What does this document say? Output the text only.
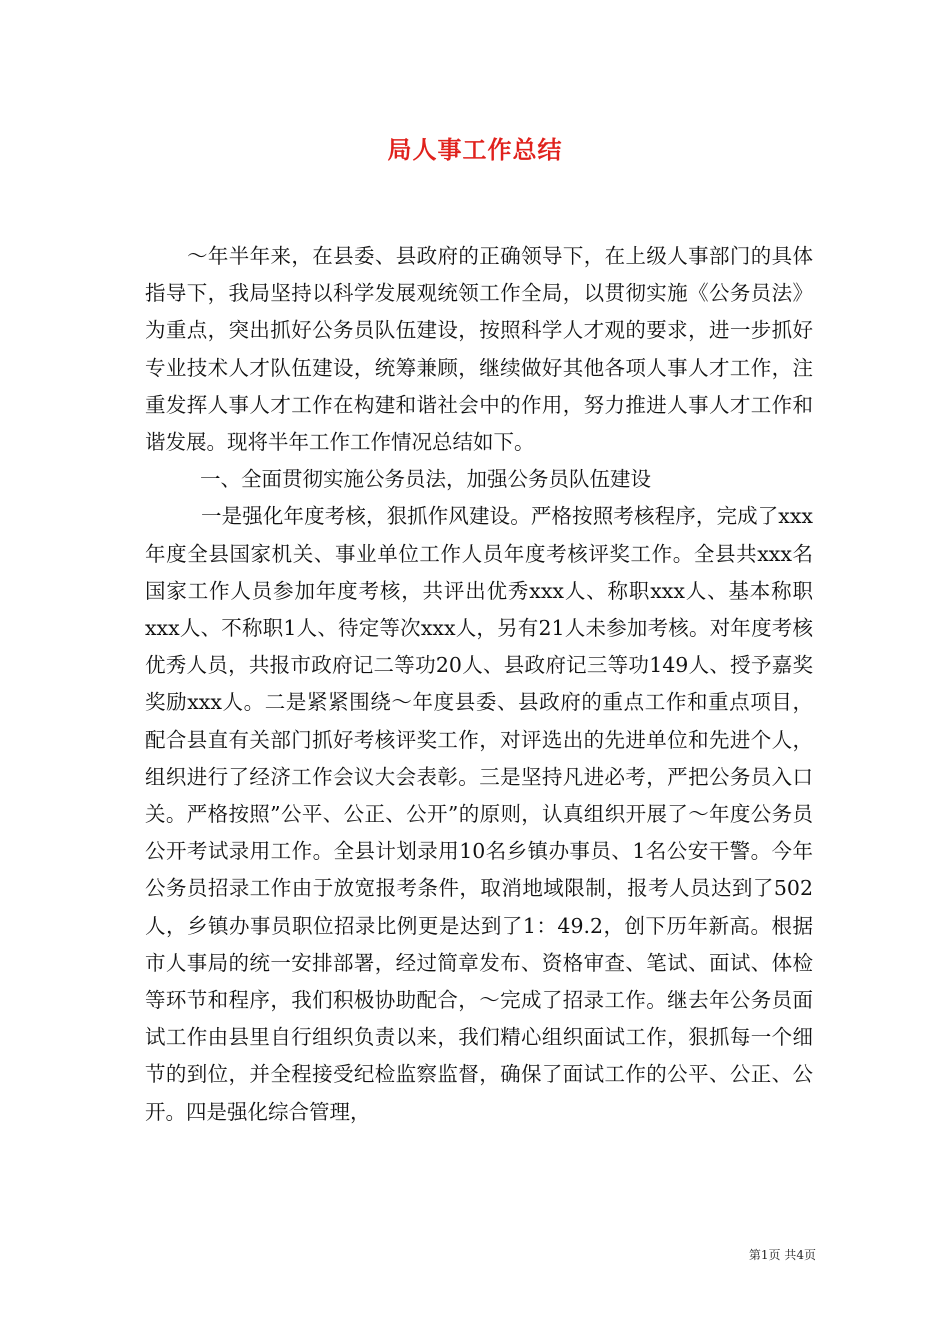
局人事工作总结

～年半年来，在县委、县政府的正确领导下，在上级人事部门的具体指导下，我局坚持以科学发展观统领工作全局，以贯彻实施《公务员法》为重点，突出抓好公务员队伍建设，按照科学人才观的要求，进一步抓好专业技术人才队伍建设，统筹兼顾，继续做好其他各项人事人才工作，注重发挥人事人才工作在构建和谐社会中的作用，努力推进人事人才工作和谐发展。现将半年工作工作情况总结如下。

一、全面贯彻实施公务员法，加强公务员队伍建设

一是强化年度考核，狠抓作风建设。严格按照考核程序，完成了xxx年度全县国家机关、事业单位工作人员年度考核评奖工作。全县共xxx名国家工作人员参加年度考核，共评出优秀xxx人、称职xxx人、基本称职xxx人、不称职1人、待定等次xxx人，另有21人未参加考核。对年度考核优秀人员，共报市政府记二等功20人、县政府记三等功149人、授予嘉奖奖励xxx人。二是紧紧围绕～年度县委、县政府的重点工作和重点项目，配合县直有关部门抓好考核评奖工作，对评选出的先进单位和先进个人，组织进行了经济工作会议大会表彰。三是坚持凡进必考，严把公务员入口关。严格按照”公平、公正、公开”的原则，认真组织开展了～年度公务员公开考试录用工作。全县计划录用10名乡镇办事员、1名公安干警。今年公务员招录工作由于放宽报考条件，取消地域限制，报考人员达到了502人，乡镇办事员职位招录比例更是达到了1：49.2，创下历年新高。根据市人事局的统一安排部署，经过简章发布、资格审查、笔试、面试、体检等环节和程序，我们积极协助配合，～完成了招录工作。继去年公务员面试工作由县里自行组织负责以来，我们精心组织面试工作，狠抓每一个细节的到位，并全程接受纪检监察监督，确保了面试工作的公平、公正、公开。四是强化综合管理，

第1页 共4页
